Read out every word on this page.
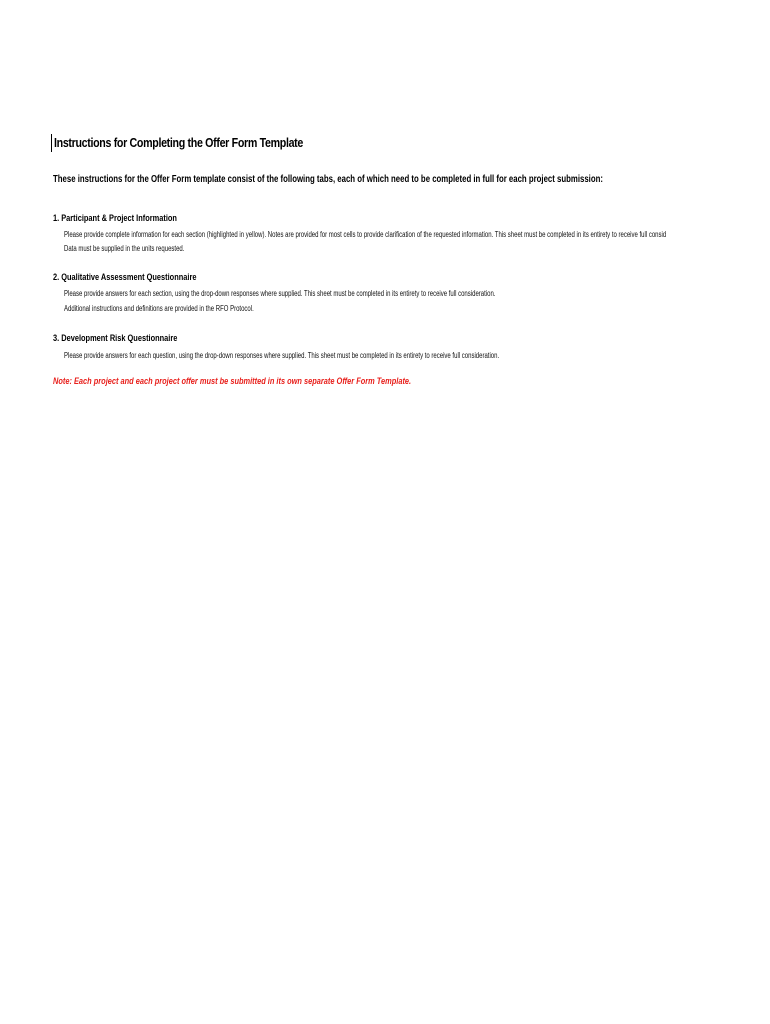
Instructions for Completing the Offer Form Template
These instructions for the Offer Form template consist of the following tabs, each of which need to be completed in full for each project submission:
1. Participant & Project Information
Please provide complete information for each section (highlighted in yellow). Notes are provided for most cells to provide clarification of the requested information. This sheet must be completed in its entirety to receive full consid
Data must be supplied in the units requested.
2. Qualitative Assessment Questionnaire
Please provide answers for each section, using the drop-down responses where supplied. This sheet must be completed in its entirety to receive full consideration.
Additional instructions and definitions are provided in the RFO Protocol.
3. Development Risk Questionnaire
Please provide answers for each question, using the drop-down responses where supplied. This sheet must be completed in its entirety to receive full consideration.
Note: Each project and each project offer must be submitted in its own separate Offer Form Template.
